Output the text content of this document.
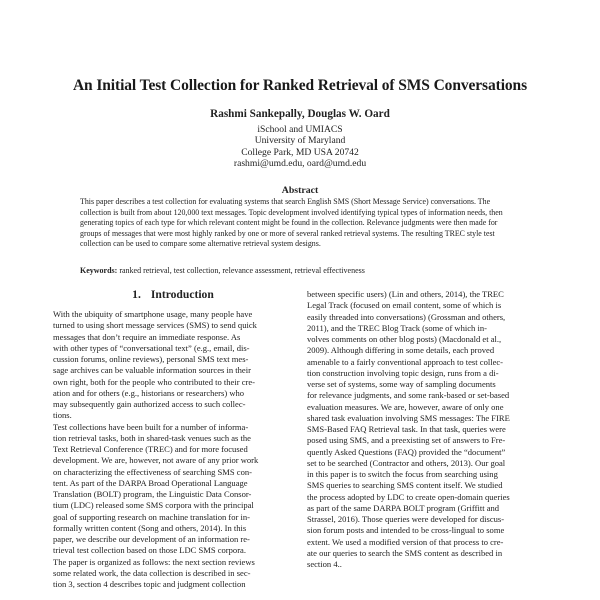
An Initial Test Collection for Ranked Retrieval of SMS Conversations
Rashmi Sankepally, Douglas W. Oard
iSchool and UMIACS
University of Maryland
College Park, MD USA 20742
rashmi@umd.edu, oard@umd.edu
Abstract
This paper describes a test collection for evaluating systems that search English SMS (Short Message Service) conversations. The
collection is built from about 120,000 text messages. Topic development involved identifying typical types of information needs, then
generating topics of each type for which relevant content might be found in the collection. Relevance judgments were then made for
groups of messages that were most highly ranked by one or more of several ranked retrieval systems. The resulting TREC style test
collection can be used to compare some alternative retrieval system designs.
Keywords: ranked retrieval, test collection, relevance assessment, retrieval effectiveness
1. Introduction
With the ubiquity of smartphone usage, many people have
turned to using short message services (SMS) to send quick
messages that don’t require an immediate response. As
with other types of “conversational text” (e.g., email, dis-
cussion forums, online reviews), personal SMS text mes-
sage archives can be valuable information sources in their
own right, both for the people who contributed to their cre-
ation and for others (e.g., historians or researchers) who
may subsequently gain authorized access to such collec-
tions.
Test collections have been built for a number of informa-
tion retrieval tasks, both in shared-task venues such as the
Text Retrieval Conference (TREC) and for more focused
development. We are, however, not aware of any prior work
on characterizing the effectiveness of searching SMS con-
tent. As part of the DARPA Broad Operational Language
Translation (BOLT) program, the Linguistic Data Consor-
tium (LDC) released some SMS corpora with the principal
goal of supporting research on machine translation for in-
formally written content (Song and others, 2014). In this
paper, we describe our development of an information re-
trieval test collection based on those LDC SMS corpora.
The paper is organized as follows: the next section reviews
some related work, the data collection is described in sec-
tion 3, section 4 describes topic and judgment collection
between specific users) (Lin and others, 2014), the TREC
Legal Track (focused on email content, some of which is
easily threaded into conversations) (Grossman and others,
2011), and the TREC Blog Track (some of which in-
volves comments on other blog posts) (Macdonald et al.,
2009). Although differing in some details, each proved
amenable to a fairly conventional approach to test collec-
tion construction involving topic design, runs from a di-
verse set of systems, some way of sampling documents
for relevance judgments, and some rank-based or set-based
evaluation measures. We are, however, aware of only one
shared task evaluation involving SMS messages: The FIRE
SMS-Based FAQ Retrieval task. In that task, queries were
posed using SMS, and a preexisting set of answers to Fre-
quently Asked Questions (FAQ) provided the “document”
set to be searched (Contractor and others, 2013). Our goal
in this paper is to switch the focus from searching using
SMS queries to searching SMS content itself. We studied
the process adopted by LDC to create open-domain queries
as part of the same DARPA BOLT program (Griffitt and
Strassel, 2016). Those queries were developed for discus-
sion forum posts and intended to be cross-lingual to some
extent. We used a modified version of that process to cre-
ate our queries to search the SMS content as described in
section 4..
